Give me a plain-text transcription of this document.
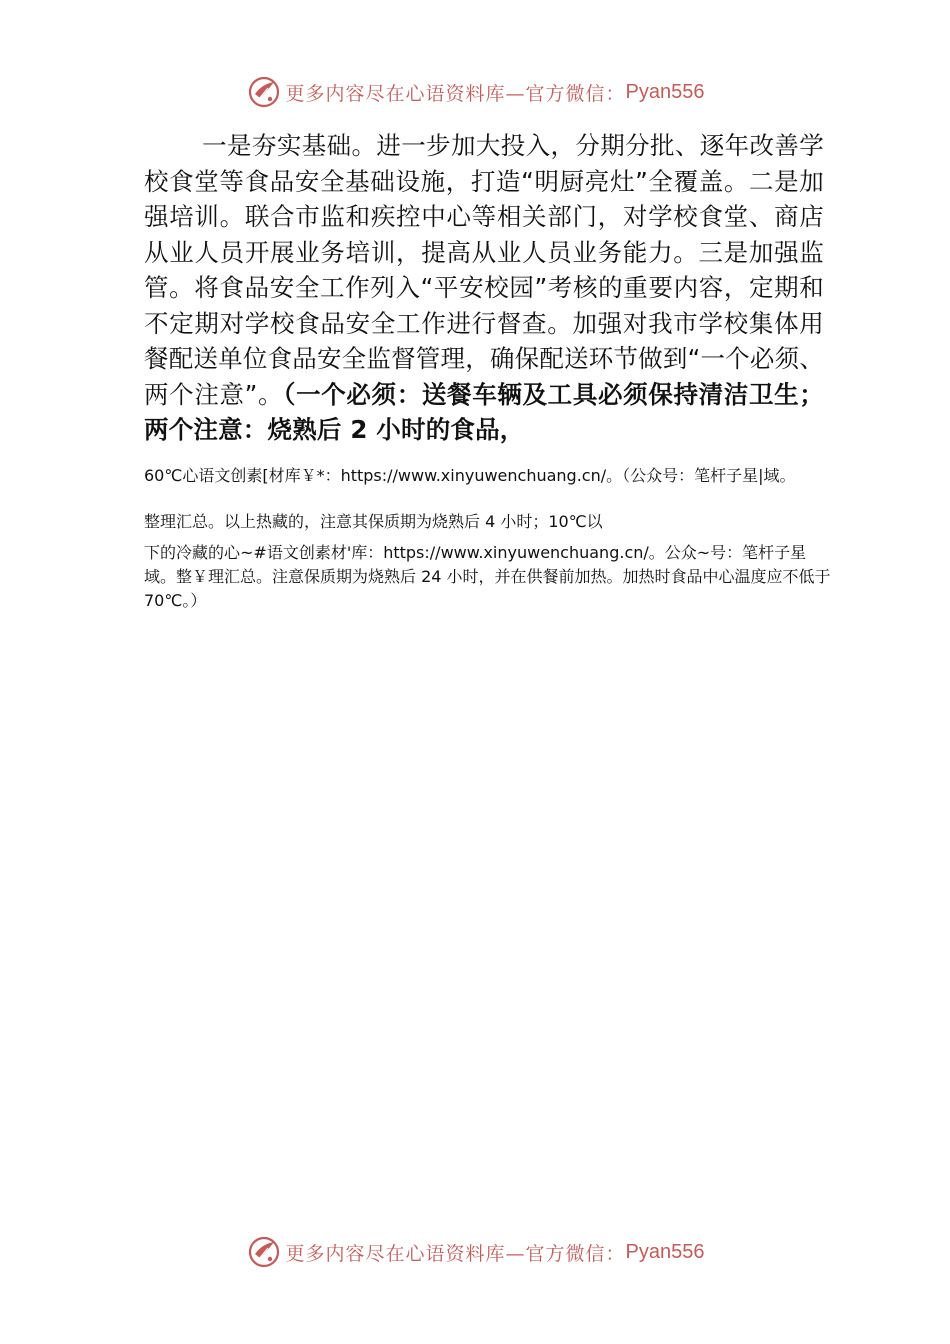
更多内容尽在心语资料库—官方微信： Pyan556
一是夯实基础。进一步加大投入，分期分批、逐年改善学校食堂等食品安全基础设施，打造“明厨亮灶”全覆盖。二是加强培训。联合市监和疾控中心等相关部门，对学校食堂、商店从业人员开展业务培训，提高从业人员业务能力。三是加强监管。将食品安全工作列入“平安校园”考核的重要内容，定期和不定期对学校食品安全工作进行督查。加强对我市学校集体用餐配送单位食品安全监督管理，确保配送环节做到“一个必须、两个注意”。（一个必须：送餐车辆及工具必须保持清洁卫生；两个注意：烧熟后 2 小时的食品，
60℃心语文创素[材库￥*：https://www.xinyuwenchuang.cn/。（公众号：笔杆子星|域。
整理汇总。以上热藏的，注意其保质期为烧熟后 4 小时；10℃以
下的冷藏的心~#语文创素材'库：https://www.xinyuwenchuang.cn/。公众~号：笔杆子星域。整￥理汇总。注意保质期为烧熟后 24 小时，并在供餐前加热。加热时食品中心温度应不低于 70℃。）
更多内容尽在心语资料库—官方微信： Pyan556
